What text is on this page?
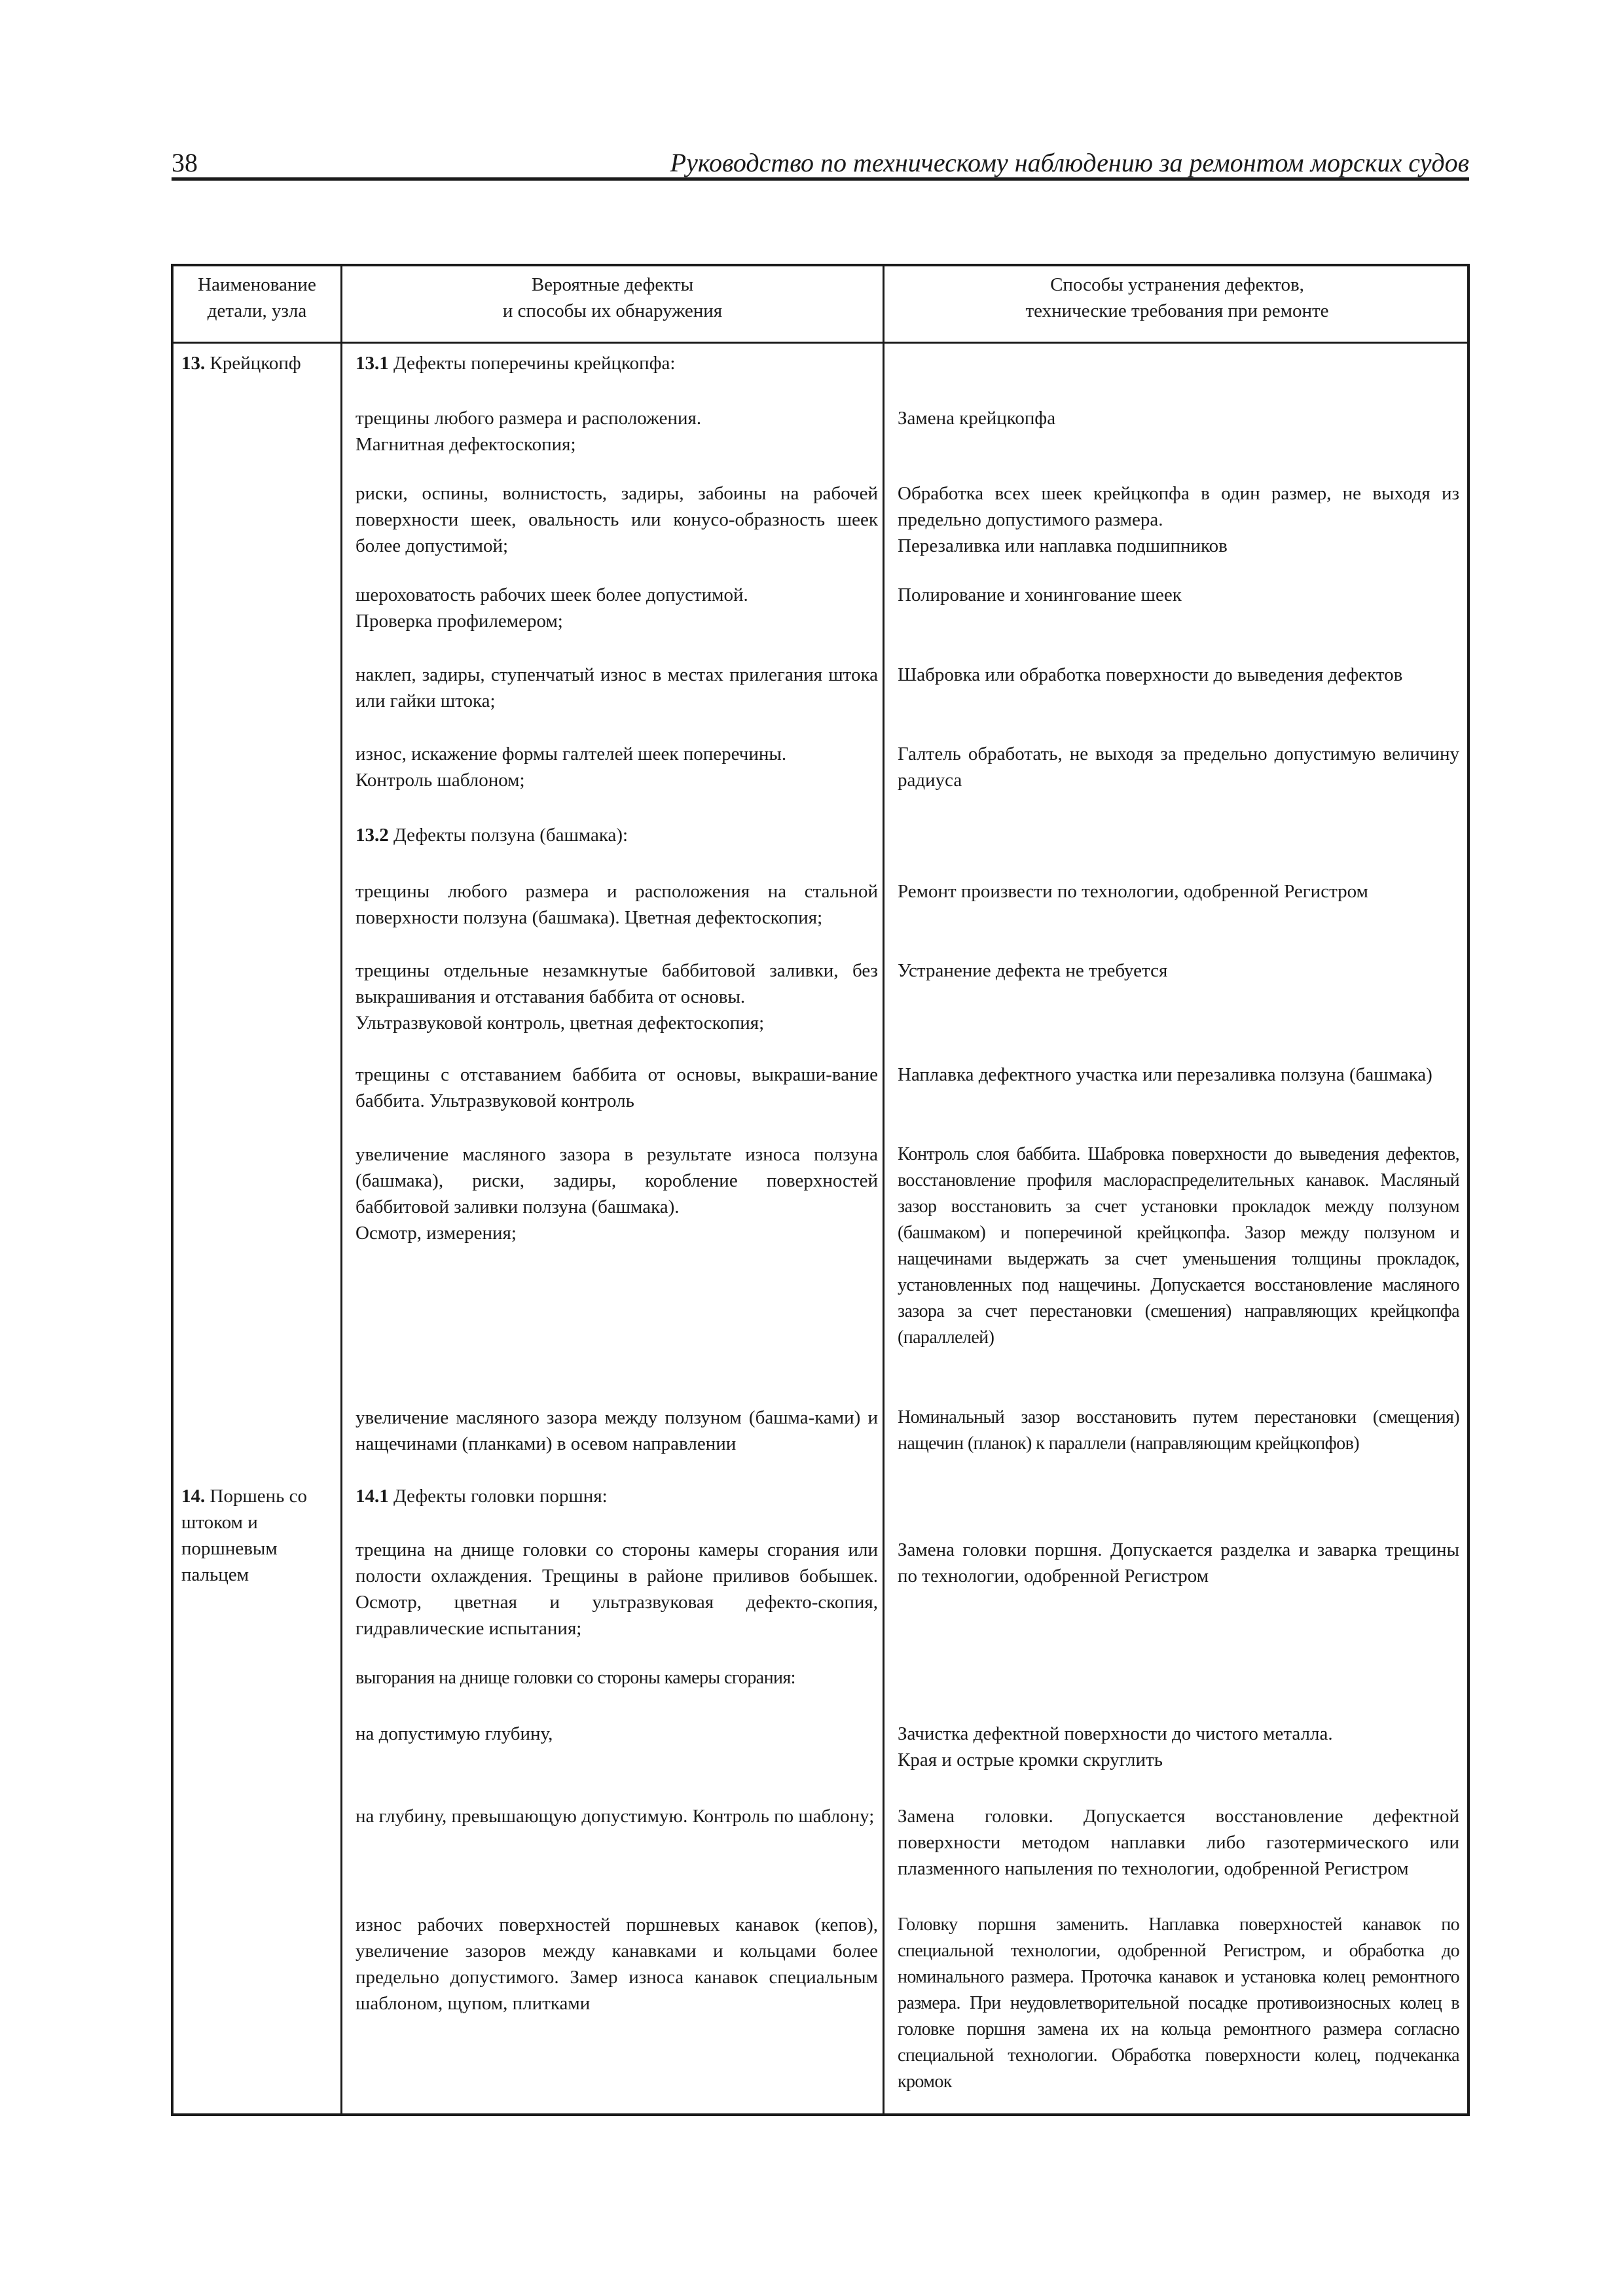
38	Руководство по техническому наблюдению за ремонтом морских судов
Наименование
детали, узла
Вероятные дефекты
и способы их обнаружения
Способы устранения дефектов,
технические требования при ремонте
13. Крейцкопф
14. Поршень со
штоком и
поршневым
пальцем
13.1 Дефекты поперечины крейцкопфа:
13.2 Дефекты ползуна (башмака):
14.1 Дефекты головки поршня:
трещины любого размера и расположения.
Магнитная дефектоскопия;
риски, оспины, волнистость, задиры, забоины на рабочей поверхности шеек, овальность или конусо-образность шеек более допустимой;
шероховатость рабочих шеек более допустимой.
Проверка профилемером;
наклеп, задиры, ступенчатый износ в местах прилегания штока или гайки штока;
износ, искажение формы галтелей шеек поперечины.
Контроль шаблоном;
трещины любого размера и расположения на стальной поверхности ползуна (башмака). Цветная дефектоскопия;
трещины отдельные незамкнутые баббитовой заливки, без выкрашивания и отставания баббита от основы.
Ультразвуковой контроль, цветная дефектоскопия;
трещины с отставанием баббита от основы, выкраши-вание баббита. Ультразвуковой контроль
увеличение масляного зазора в результате износа ползуна (башмака), риски, задиры, коробление поверхностей баббитовой заливки ползуна (башмака).
Осмотр, измерения;
увеличение масляного зазора между ползуном (башма-ками) и нащечинами (планками) в осевом направлении
трещина на днище головки со стороны камеры сгорания или полости охлаждения. Трещины в районе приливов бобышек. Осмотр, цветная и ультразвуковая дефекто-скопия, гидравлические испытания;
выгорания на днище головки со стороны камеры сгорания:
на допустимую глубину,
на глубину, превышающую допустимую. Контроль по шаблону;
износ рабочих поверхностей поршневых канавок (кепов), увеличение зазоров между канавками и кольцами более предельно допустимого. Замер износа канавок специальным шаблоном, щупом, плитками
Замена крейцкопфа
Обработка всех шеек крейцкопфа в один размер, не выходя из предельно допустимого размера.
Перезаливка или наплавка подшипников
Полирование и хонингование шеек
Шабровка или обработка поверхности до выведения дефектов
Галтель обработать, не выходя за предельно допустимую величину радиуса
Ремонт произвести по технологии, одобренной Регистром
Устранение дефекта не требуется
Наплавка дефектного участка или перезаливка ползуна (башмака)
Контроль слоя баббита. Шабровка поверхности до выведения дефектов, восстановление профиля маслораспределительных канавок. Масляный зазор восстановить за счет установки прокладок между ползуном (башмаком) и поперечиной крейцкопфа. Зазор между ползуном и нащечинами выдержать за счет уменьшения толщины прокладок, установленных под нащечины. Допускается восстановление масляного зазора за счет перестановки (смешения) направляющих крейцкопфа (параллелей)
Номинальный зазор восстановить путем перестановки (смещения) нащечин (планок) к параллели (направляющим крейцкопфов)
Замена головки поршня. Допускается разделка и заварка трещины по технологии, одобренной Регистром
Зачистка дефектной поверхности до чистого металла.
Края и острые кромки скруглить
Замена головки. Допускается восстановление дефектной поверхности методом наплавки либо газотермического или плазменного напыления по технологии, одобренной Регистром
Головку поршня заменить. Наплавка поверхностей канавок по специальной технологии, одобренной Регистром, и обработка до номинального размера. Проточка канавок и установка колец ремонтного размера. При неудовлетворительной посадке противоизносных колец в головке поршня замена их на кольца ремонтного размера согласно специальной технологии. Обработка поверхности колец, подчеканка кромок
